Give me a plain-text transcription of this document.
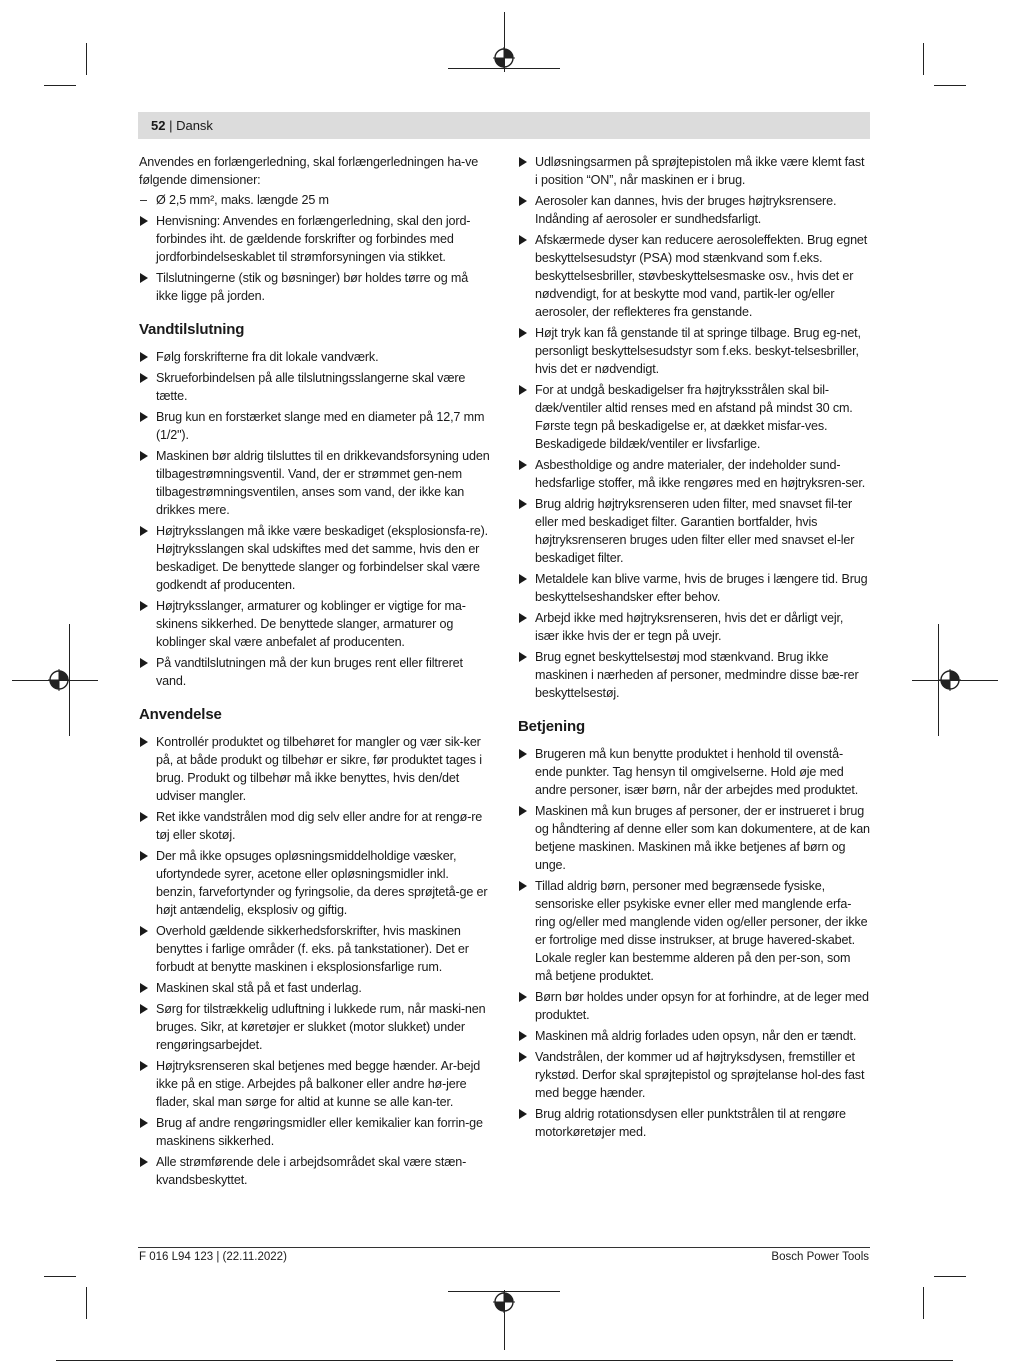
52 | Dansk
Anvendes en forlængerledning, skal forlængerledningen ha-ve følgende dimensioner:
– Ø 2,5 mm², maks. længde 25 m
Henvisning: Anvendes en forlængerledning, skal den jord-forbindes iht. de gældende forskrifter og forbindes med jordforbindelseskablet til strømforsyningen via stikket.
Tilslutningerne (stik og bøsninger) bør holdes tørre og må ikke ligge på jorden.
Vandtilslutning
Følg forskrifterne fra dit lokale vandværk.
Skrueforbindelsen på alle tilslutningsslangerne skal være tætte.
Brug kun en forstærket slange med en diameter på 12,7 mm (1/2").
Maskinen bør aldrig tilsluttes til en drikkevandsforsyning uden tilbagestrømningsventil. Vand, der er strømmet gen-nem tilbagestrømningsventilen, anses som vand, der ikke kan drikkes mere.
Højtryksslangen må ikke være beskadiget (eksplosionsfa-re). Højtryksslangen skal udskiftes med det samme, hvis den er beskadiget. De benyttede slanger og forbindelser skal være godkendt af producenten.
Højtryksslanger, armaturer og koblinger er vigtige for ma-skinens sikkerhed. De benyttede slanger, armaturer og koblinger skal være anbefalet af producenten.
På vandtilslutningen må der kun bruges rent eller filtreret vand.
Anvendelse
Kontrollér produktet og tilbehøret for mangler og vær sik-ker på, at både produkt og tilbehør er sikre, før produktet tages i brug. Produkt og tilbehør må ikke benyttes, hvis den/det udviser mangler.
Ret ikke vandstrålen mod dig selv eller andre for at rengø-re tøj eller skotøj.
Der må ikke opsuges opløsningsmiddelholdige væsker, ufortyndede syrer, acetone eller opløsningsmidler inkl. benzin, farvefortynder og fyringsolie, da deres sprøjtetå-ge er højt antændelig, eksplosiv og giftig.
Overhold gældende sikkerhedsforskrifter, hvis maskinen benyttes i farlige områder (f. eks. på tankstationer). Det er forbudt at benytte maskinen i eksplosionsfarlige rum.
Maskinen skal stå på et fast underlag.
Sørg for tilstrækkelig udluftning i lukkede rum, når maski-nen bruges. Sikr, at køretøjer er slukket (motor slukket) under rengøringsarbejdet.
Højtryksrenseren skal betjenes med begge hænder. Ar-bejd ikke på en stige. Arbejdes på balkoner eller andre hø-jere flader, skal man sørge for altid at kunne se alle kan-ter.
Brug af andre rengøringsmidler eller kemikalier kan forrin-ge maskinens sikkerhed.
Alle strømførende dele i arbejdsområdet skal være stæn-kvandsbeskyttet.
Udløsningsarmen på sprøjtepistolen må ikke være klemt fast i position “ON”, når maskinen er i brug.
Aerosoler kan dannes, hvis der bruges højtryksrensere. Indånding af aerosoler er sundhedsfarligt.
Afskærmede dyser kan reducere aerosoleffekten. Brug egnet beskyttelsesudstyr (PSA) mod stænkvand som f.eks. beskyttelsesbriller, støvbeskyttelsesmaske osv., hvis det er nødvendigt, for at beskytte mod vand, partik-ler og/eller aerosoler, der reflekteres fra genstande.
Højt tryk kan få genstande til at springe tilbage. Brug eg-net, personligt beskyttelsesudstyr som f.eks. beskyt-telsesbriller, hvis det er nødvendigt.
For at undgå beskadigelser fra højtryksstrålen skal bil-dæk/ventiler altid renses med en afstand på mindst 30 cm. Første tegn på beskadigelse er, at dækket misfar-ves. Beskadigede bildæk/ventiler er livsfarlige.
Asbestholdige og andre materialer, der indeholder sund-hedsfarlige stoffer, må ikke rengøres med en højtryksren-ser.
Brug aldrig højtryksrenseren uden filter, med snavset fil-ter eller med beskadiget filter. Garantien bortfalder, hvis højtryksrenseren bruges uden filter eller med snavset el-ler beskadiget filter.
Metaldele kan blive varme, hvis de bruges i længere tid. Brug beskyttelseshandsker efter behov.
Arbejd ikke med højtryksrenseren, hvis det er dårligt vejr, især ikke hvis der er tegn på uvejr.
Brug egnet beskyttelsestøj mod stænkvand. Brug ikke maskinen i nærheden af personer, medmindre disse bæ-rer beskyttelsestøj.
Betjening
Brugeren må kun benytte produktet i henhold til ovenstå-ende punkter. Tag hensyn til omgivelserne. Hold øje med andre personer, især børn, når der arbejdes med produktet.
Maskinen må kun bruges af personer, der er instrueret i brug og håndtering af denne eller som kan dokumentere, at de kan betjene maskinen. Maskinen må ikke betjenes af børn og unge.
Tillad aldrig børn, personer med begrænsede fysiske, sensoriske eller psykiske evner eller med manglende erfa-ring og/eller med manglende viden og/eller personer, der ikke er fortrolige med disse instrukser, at bruge havered-skabet. Lokale regler kan bestemme alderen på den per-son, som må betjene produktet.
Børn bør holdes under opsyn for at forhindre, at de leger med produktet.
Maskinen må aldrig forlades uden opsyn, når den er tændt.
Vandstrålen, der kommer ud af højtryksdysen, fremstiller et rykstød. Derfor skal sprøjtepistol og sprøjtelanse hol-des fast med begge hænder.
Brug aldrig rotationsdysen eller punktstrålen til at rengøre motorkøretøjer med.
F 016 L94 123 | (22.11.2022)	Bosch Power Tools
